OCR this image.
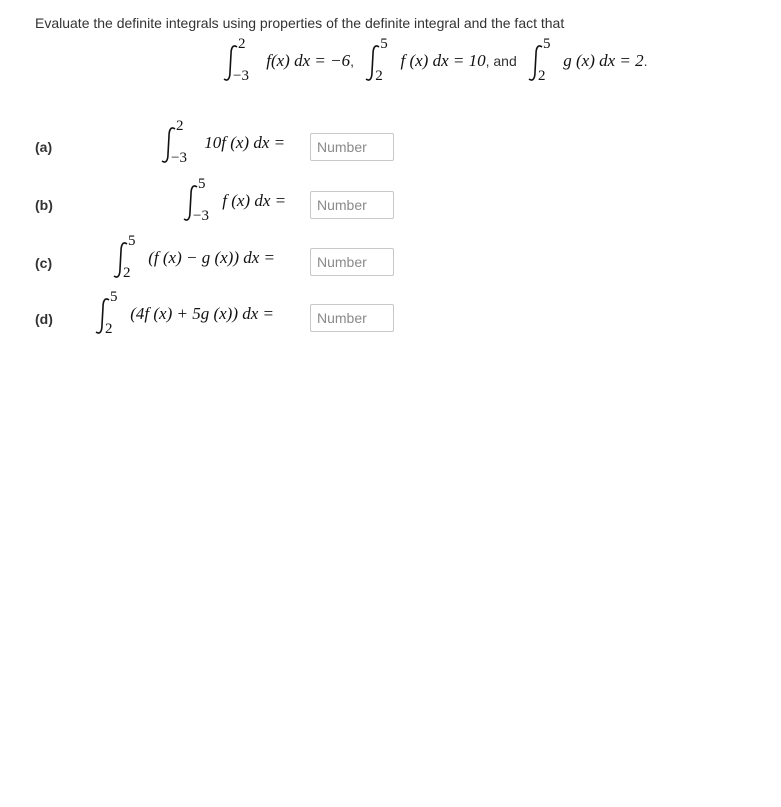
Evaluate the definite integrals using properties of the definite integral and the fact that
2
−3
f(x) dx = −6,
5
2
f (x) dx = 10, and
5
2
g (x) dx = 2.
(a)
2
−3
10f (x) dx =
Number
(b)
5
−3
f (x) dx =
Number
(c)
5
2
(f (x) − g (x)) dx =
Number
(d)
5
2
(4f (x) + 5g (x)) dx =
Number
